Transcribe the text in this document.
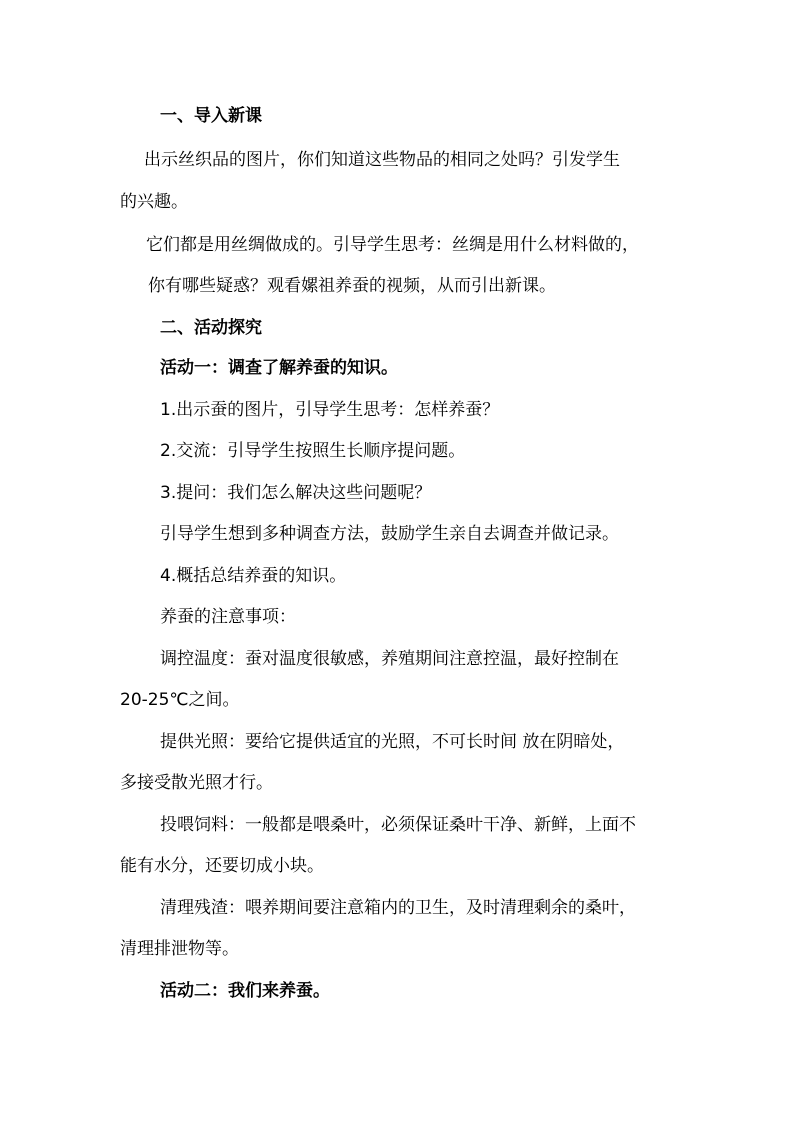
一、导入新课
出示丝织品的图片，你们知道这些物品的相同之处吗？引发学生
的兴趣。
它们都是用丝绸做成的。引导学生思考：丝绸是用什么材料做的，
你有哪些疑惑？观看嫘祖养蚕的视频，从而引出新课。
二、活动探究
活动一：调查了解养蚕的知识。
1.出示蚕的图片，引导学生思考：怎样养蚕？
2.交流：引导学生按照生长顺序提问题。
3.提问：我们怎么解决这些问题呢？
引导学生想到多种调查方法，鼓励学生亲自去调查并做记录。
4.概括总结养蚕的知识。
养蚕的注意事项：
调控温度：蚕对温度很敏感，养殖期间注意控温，最好控制在
20-25℃之间。
提供光照：要给它提供适宜的光照，不可长时间 放在阴暗处，
多接受散光照才行。
投喂饲料：一般都是喂桑叶，必须保证桑叶干净、新鲜，上面不
能有水分，还要切成小块。
清理残渣：喂养期间要注意箱内的卫生，及时清理剩余的桑叶，
清理排泄物等。
活动二：我们来养蚕。
